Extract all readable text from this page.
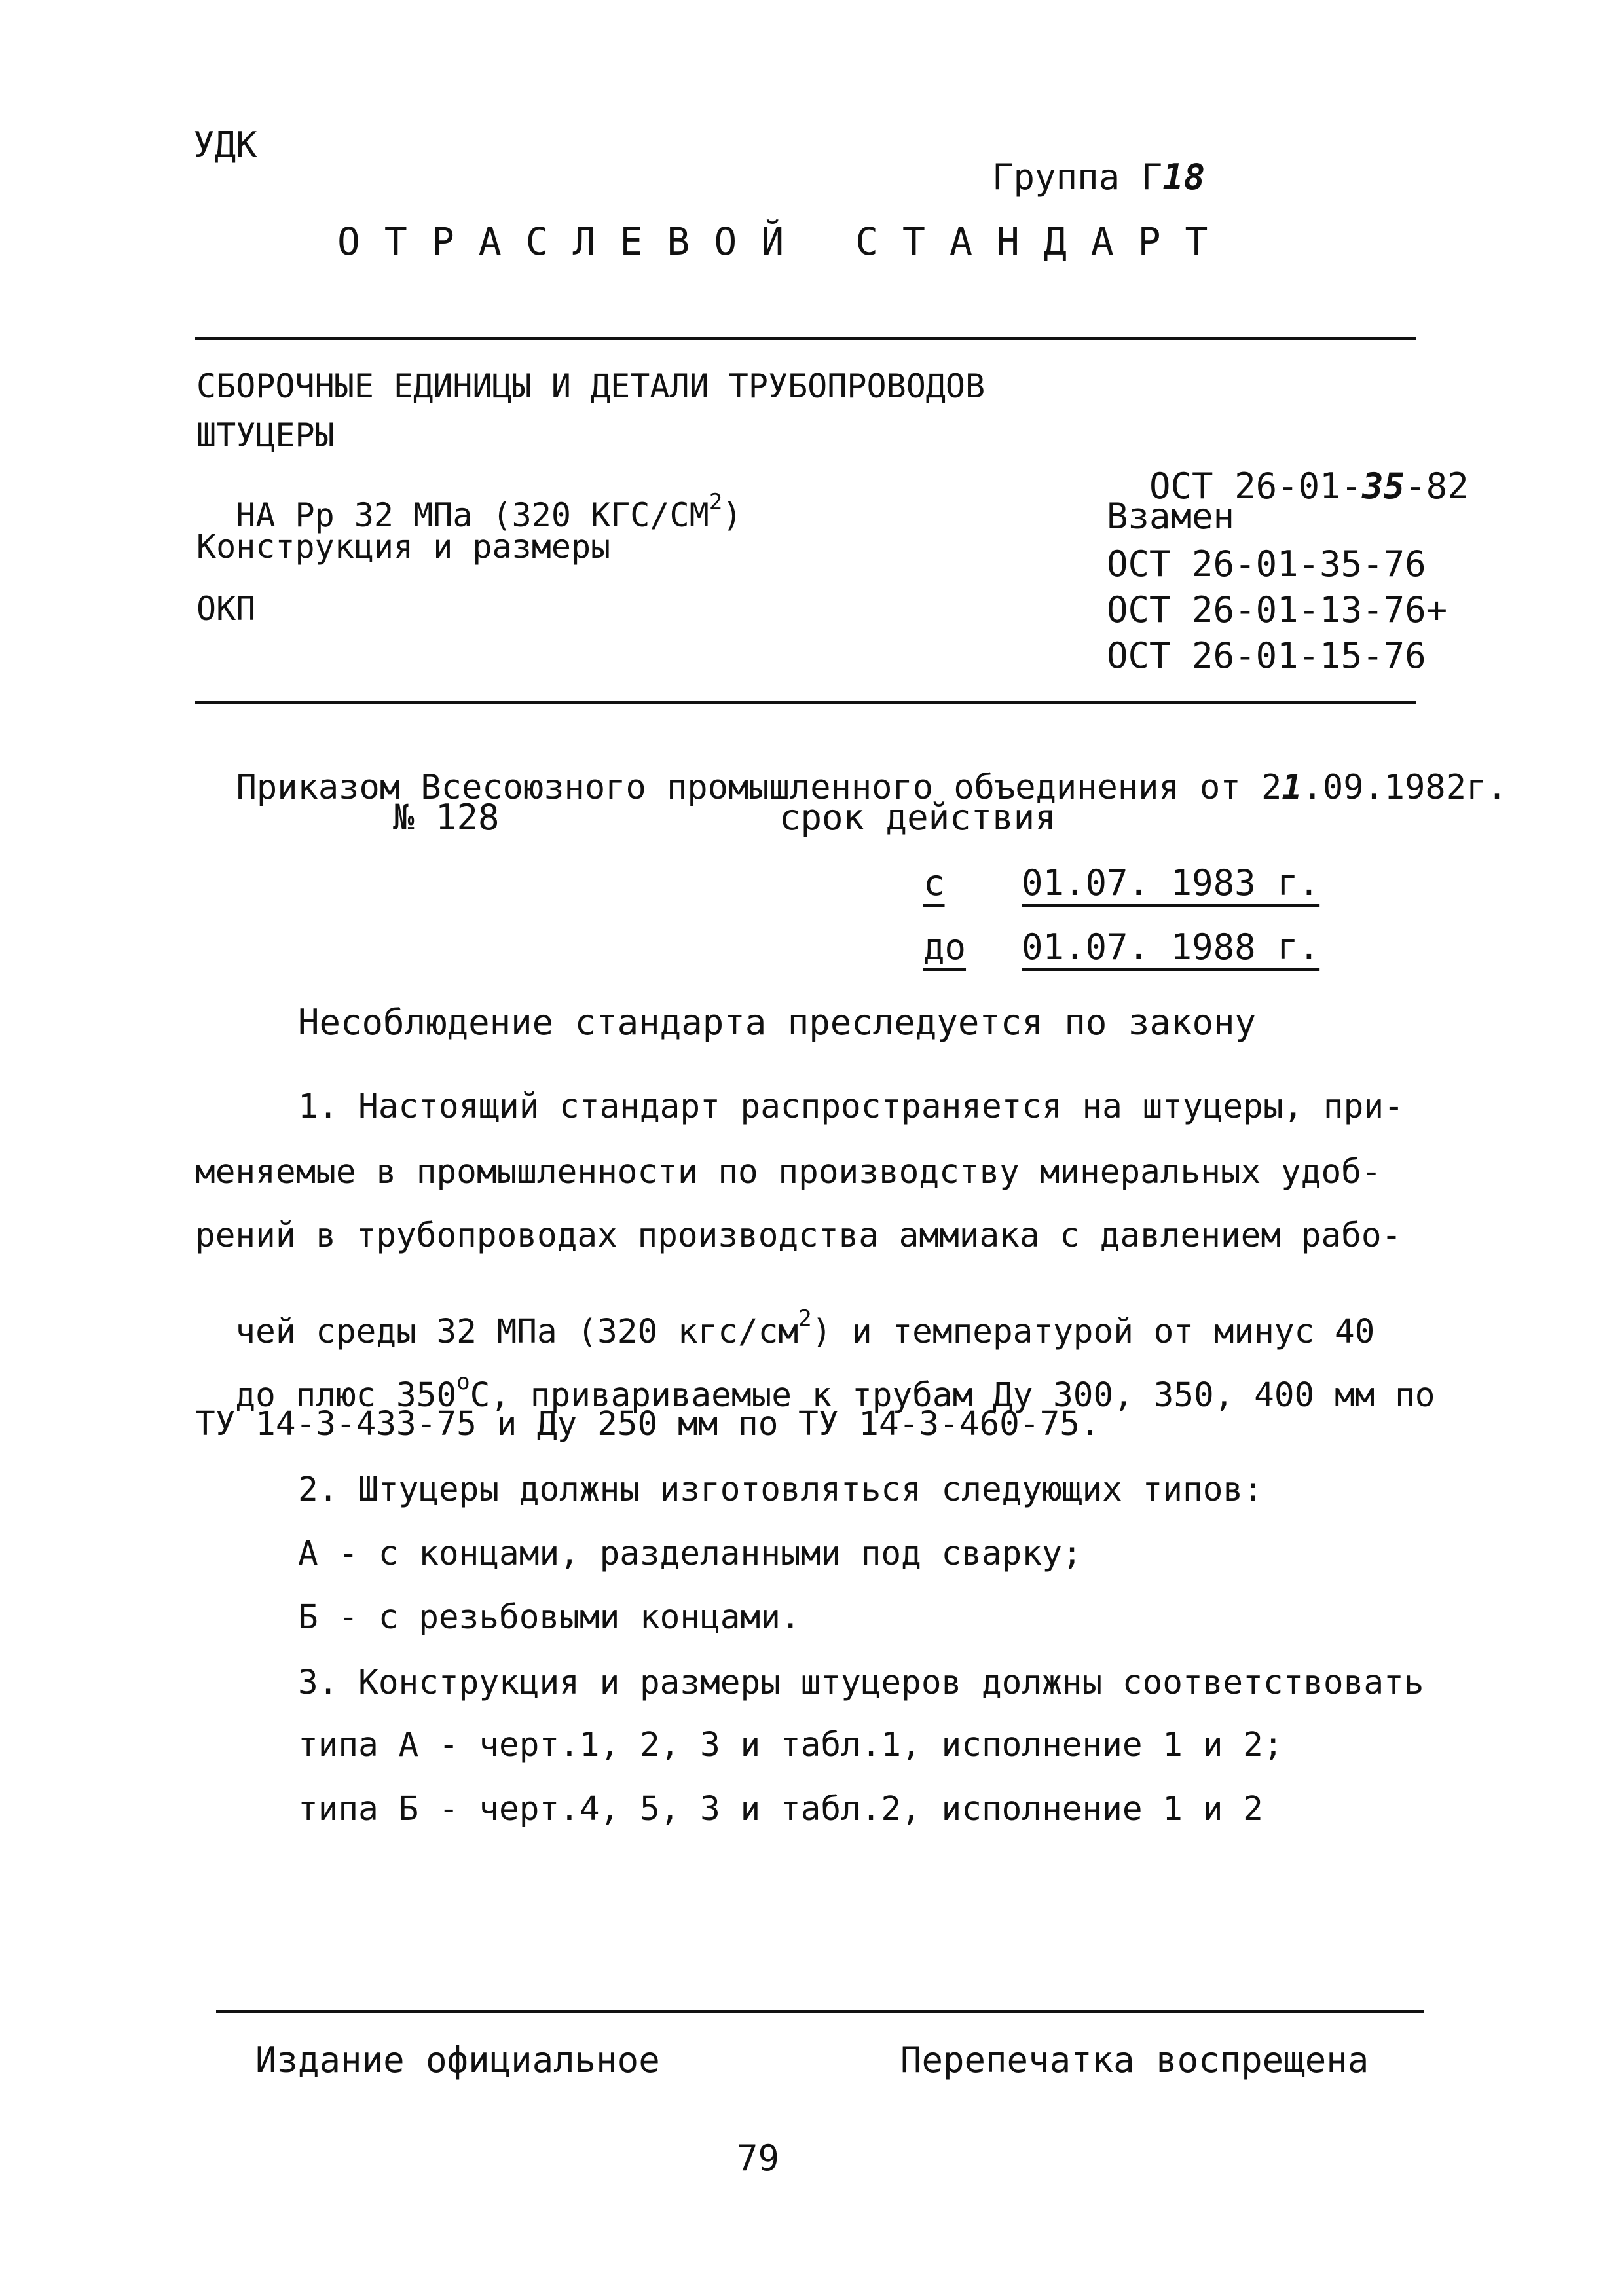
УДК

Группа Г18

ОТРАСЛЕВОЙ СТАНДАРТ
СБОРОЧНЫЕ ЕДИНИЦЫ И ДЕТАЛИ ТРУБОПРОВОДОВ
ШТУЦЕРЫ

НА Рр 32 МПа (320 КГС/$СМ^2$)

Конструкция и размеры
ОКП

ОСТ 26-01-35-82

Взамен
ОСТ 26-01-35-76
ОСТ 26-01-13-76+
ОСТ 26-01-15-76

Приказом Всесоюзного промышленного объединения от 21.09.1982г.

№ 128	срок действия
с 01.07. 1983 г.
до 01.07. 1988 г.
Несоблюдение стандарта преследуется по закону
1. Настоящий стандарт распространяется на штуцеры, при-
меняемые в промышленности по производству минеральных удоб-
рений в трубопроводах производства аммиака с давлением рабо-

чей среды 32 МПа (320 кгс/$см^2$) и температурой от минус 40

до плюс $350^оС$, привариваемые к трубам Ду 300, 350, 400 мм по

ТУ 14-3-433-75 и Ду 250 мм по ТУ 14-3-460-75.
2. Штуцеры должны изготовляться следующих типов:
А - с концами, разделанными под сварку;
Б - с резьбовыми концами.
3. Конструкция и размеры штуцеров должны соответствовать
типа А - черт.1, 2, 3 и табл.1, исполнение 1 и 2;
типа Б - черт.4, 5, 3 и табл.2, исполнение 1 и 2
Издание официальное	Перепечатка воспрещена
79
